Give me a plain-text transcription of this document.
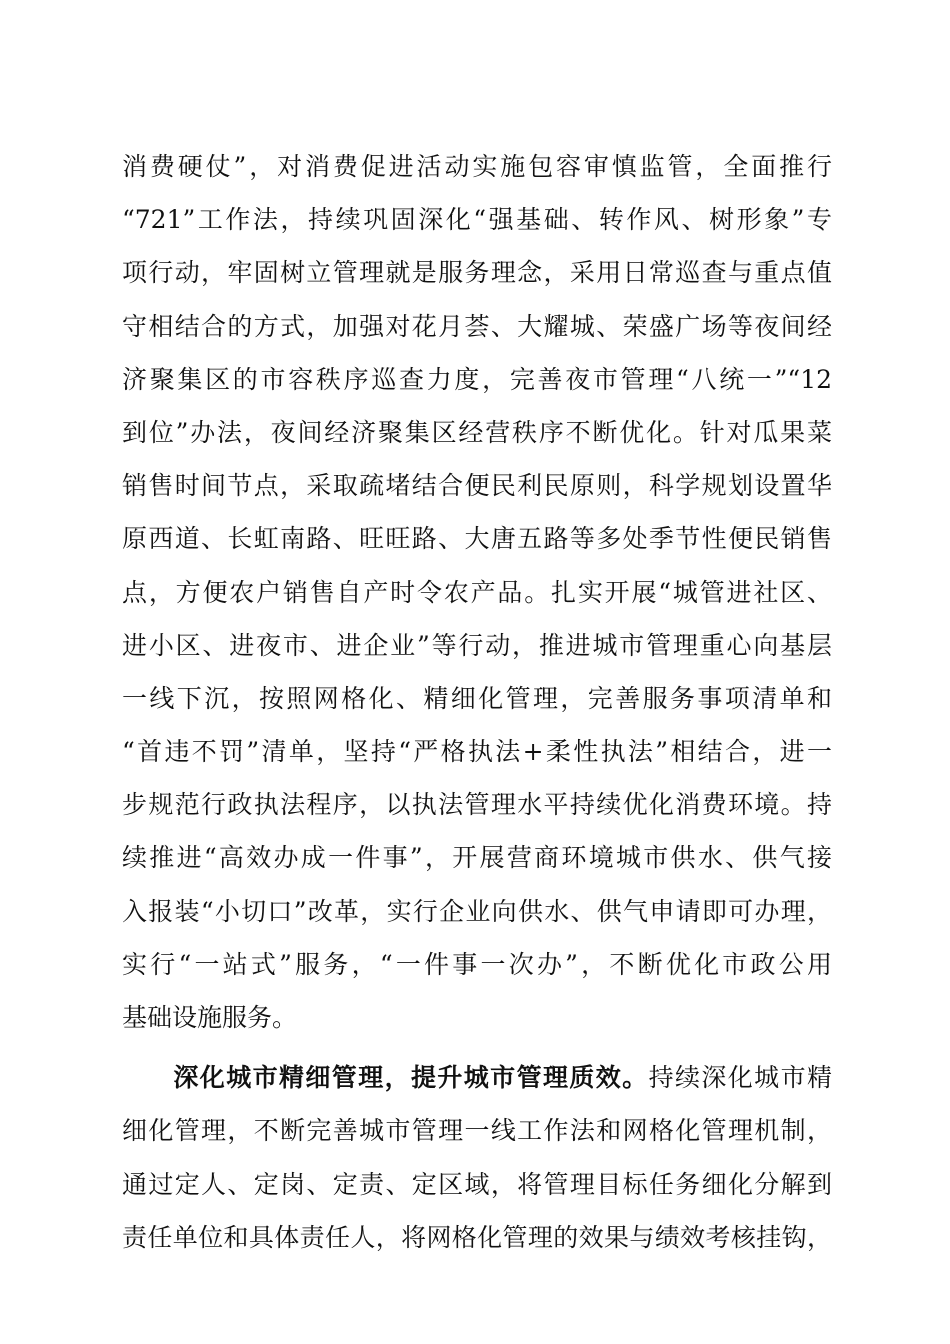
消费硬仗”，对消费促进活动实施包容审慎监管，全面推行
“721”工作法，持续巩固深化“强基础、转作风、树形象”专
项行动，牢固树立管理就是服务理念，采用日常巡查与重点值
守相结合的方式，加强对花月荟、大耀城、荣盛广场等夜间经
济聚集区的市容秩序巡查力度，完善夜市管理“八统一”“12
到位”办法，夜间经济聚集区经营秩序不断优化。针对瓜果菜
销售时间节点，采取疏堵结合便民利民原则，科学规划设置华
原西道、长虹南路、旺旺路、大唐五路等多处季节性便民销售
点，方便农户销售自产时令农产品。扎实开展“城管进社区、
进小区、进夜市、进企业”等行动，推进城市管理重心向基层
一线下沉，按照网格化、精细化管理，完善服务事项清单和
“首违不罚”清单，坚持“严格执法+柔性执法”相结合，进一
步规范行政执法程序，以执法管理水平持续优化消费环境。持
续推进“高效办成一件事”，开展营商环境城市供水、供气接
入报装“小切口”改革，实行企业向供水、供气申请即可办理，
实行“一站式”服务，“一件事一次办”，不断优化市政公用
基础设施服务。
深化城市精细管理，提升城市管理质效。持续深化城市精
细化管理，不断完善城市管理一线工作法和网格化管理机制，
通过定人、定岗、定责、定区域，将管理目标任务细化分解到
责任单位和具体责任人，将网格化管理的效果与绩效考核挂钩，
